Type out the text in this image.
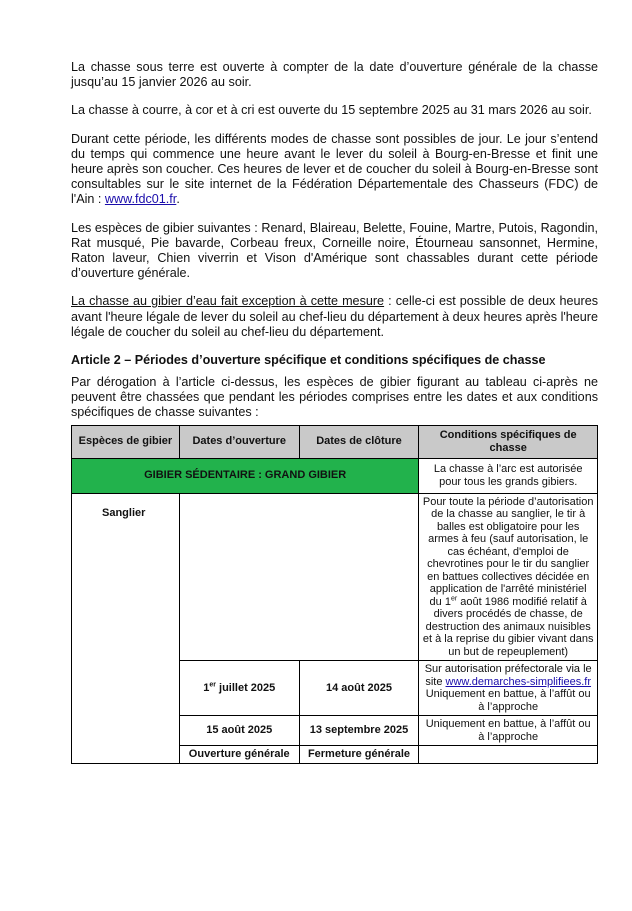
La chasse sous terre est ouverte à compter de la date d’ouverture générale de la chasse jusqu’au 15 janvier 2026 au soir.

La chasse à courre, à cor et à cri est ouverte du 15 septembre 2025 au 31 mars 2026 au soir.

Durant cette période, les différents modes de chasse sont possibles de jour. Le jour s’entend du temps qui commence une heure avant le lever du soleil à Bourg-en-Bresse et finit une heure après son coucher. Ces heures de lever et de coucher du soleil à Bourg-en-Bresse sont consultables sur le site internet de la Fédération Départementale des Chasseurs (FDC) de l'Ain : www.fdc01.fr.

Les espèces de gibier suivantes : Renard, Blaireau, Belette, Fouine, Martre, Putois, Ragondin, Rat musqué, Pie bavarde, Corbeau freux, Corneille noire, Étourneau sansonnet, Hermine, Raton laveur, Chien viverrin et Vison d'Amérique sont chassables durant cette période d’ouverture générale.

La chasse au gibier d’eau fait exception à cette mesure : celle-ci est possible de deux heures avant l'heure légale de lever du soleil au chef-lieu du département à deux heures après l'heure légale de coucher du soleil au chef-lieu du département.

Article 2 – Périodes d’ouverture spécifique et conditions spécifiques de chasse

Par dérogation à l’article ci-dessus, les espèces de gibier figurant au tableau ci-après ne peuvent être chassées que pendant les périodes comprises entre les dates et aux conditions spécifiques de chasse suivantes :

Espèces de gibier	Dates d’ouverture	Dates de clôture	Conditions spécifiques de chasse
GIBIER SÉDENTAIRE : GRAND GIBIER			La chasse à l’arc est autorisée pour tous les grands gibiers.
Sanglier			Pour toute la période d’autorisation de la chasse au sanglier, le tir à balles est obligatoire pour les armes à feu (sauf autorisation, le cas échéant, d'emploi de chevrotines pour le tir du sanglier en battues collectives décidée en application de l'arrêté ministériel du 1er août 1986 modifié relatif à divers procédés de chasse, de destruction des animaux nuisibles et à la reprise du gibier vivant dans un but de repeuplement)
	1er juillet 2025	14 août 2025	Sur autorisation préfectorale via le site www.demarches-simplifiees.fr
Uniquement en battue, à l’affût ou à l’approche
	15 août 2025	13 septembre 2025	Uniquement en battue, à l’affût ou à l’approche
	Ouverture générale	Fermeture générale	
